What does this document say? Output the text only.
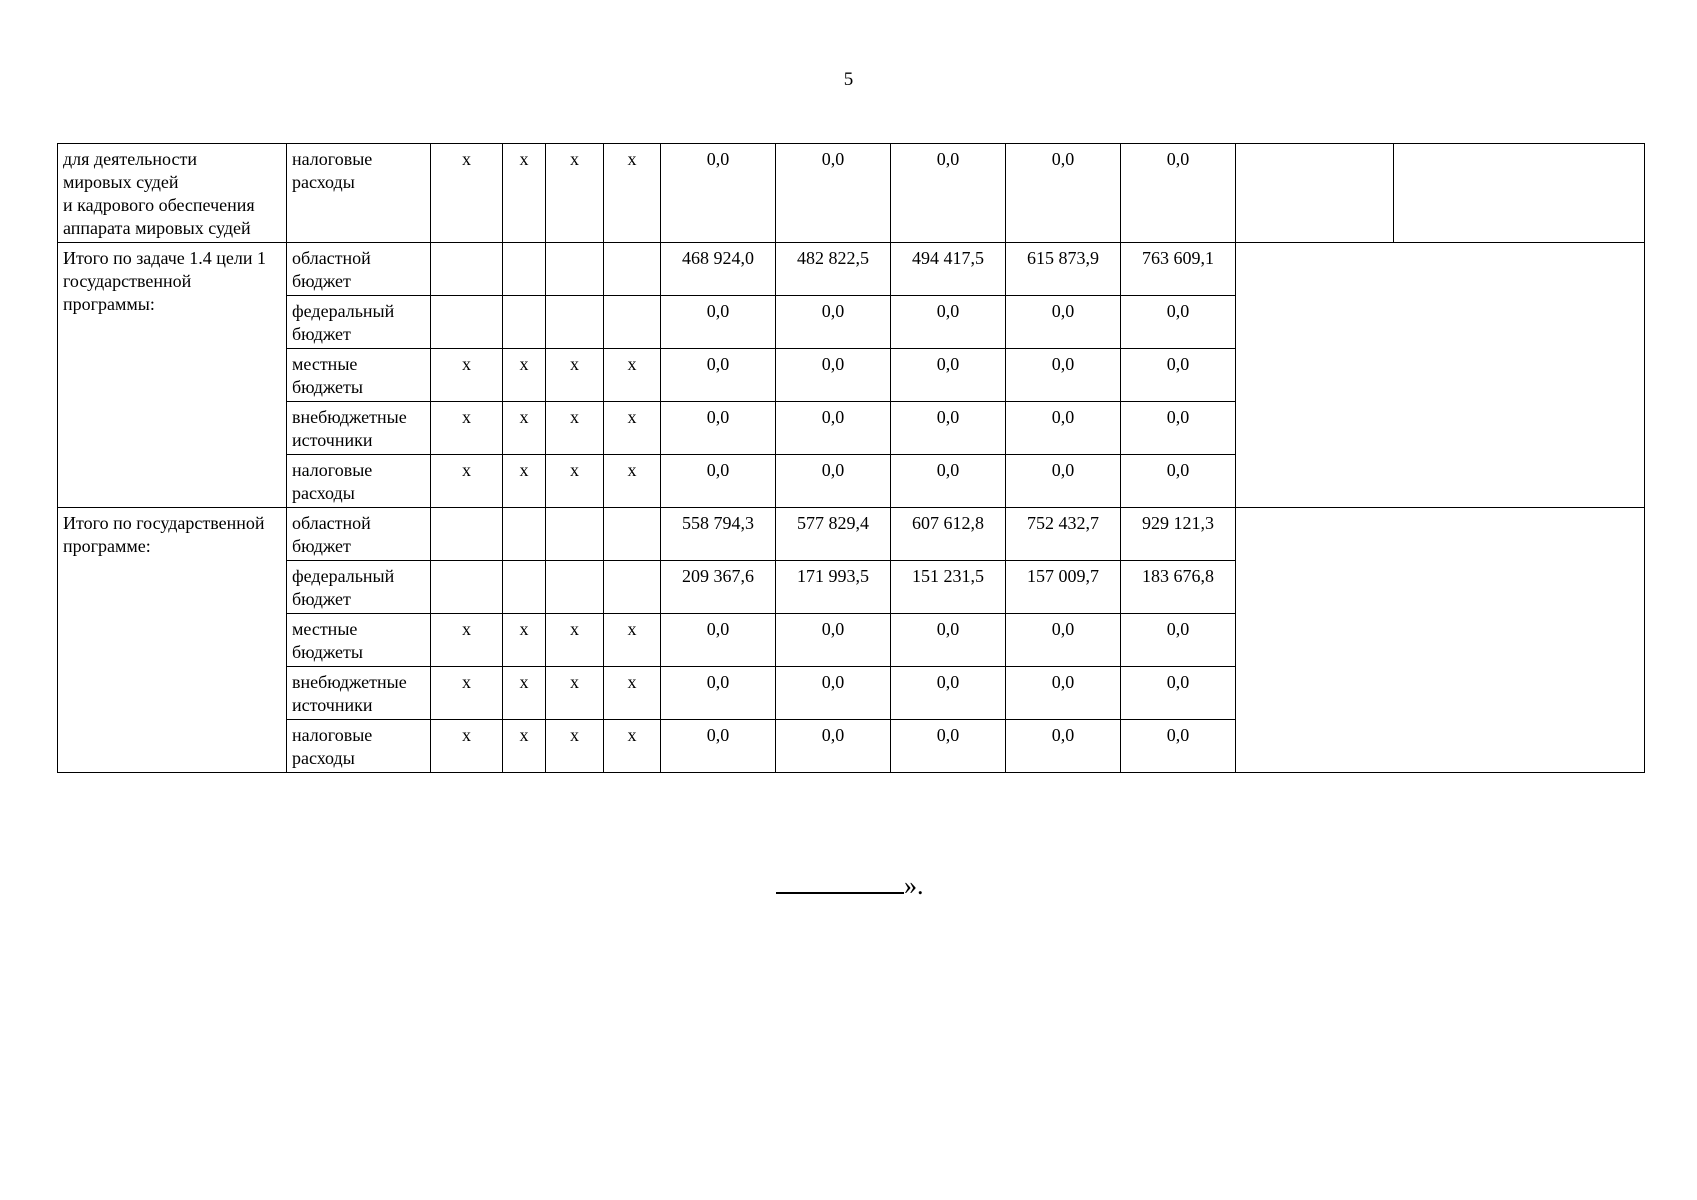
5
для деятельности
мировых судей
и кадрового обеспечения
аппарата мировых судей	налоговые расходы	x	x	x	x	0,0	0,0	0,0	0,0	0,0		
Итого по задаче 1.4 цели 1 государственной программы:	областной бюджет					468 924,0	482 822,5	494 417,5	615 873,9	763 609,1		
	федеральный бюджет					0,0	0,0	0,0	0,0	0,0		
	местные бюджеты	x	x	x	x	0,0	0,0	0,0	0,0	0,0		
	внебюджетные источники	x	x	x	x	0,0	0,0	0,0	0,0	0,0		
	налоговые расходы	x	x	x	x	0,0	0,0	0,0	0,0	0,0		
Итого по государственной программе:	областной бюджет					558 794,3	577 829,4	607 612,8	752 432,7	929 121,3		
	федеральный бюджет					209 367,6	171 993,5	151 231,5	157 009,7	183 676,8		
	местные бюджеты	x	x	x	x	0,0	0,0	0,0	0,0	0,0		
	внебюджетные источники	x	x	x	x	0,0	0,0	0,0	0,0	0,0		
	налоговые расходы	x	x	x	x	0,0	0,0	0,0	0,0	0,0		
».
